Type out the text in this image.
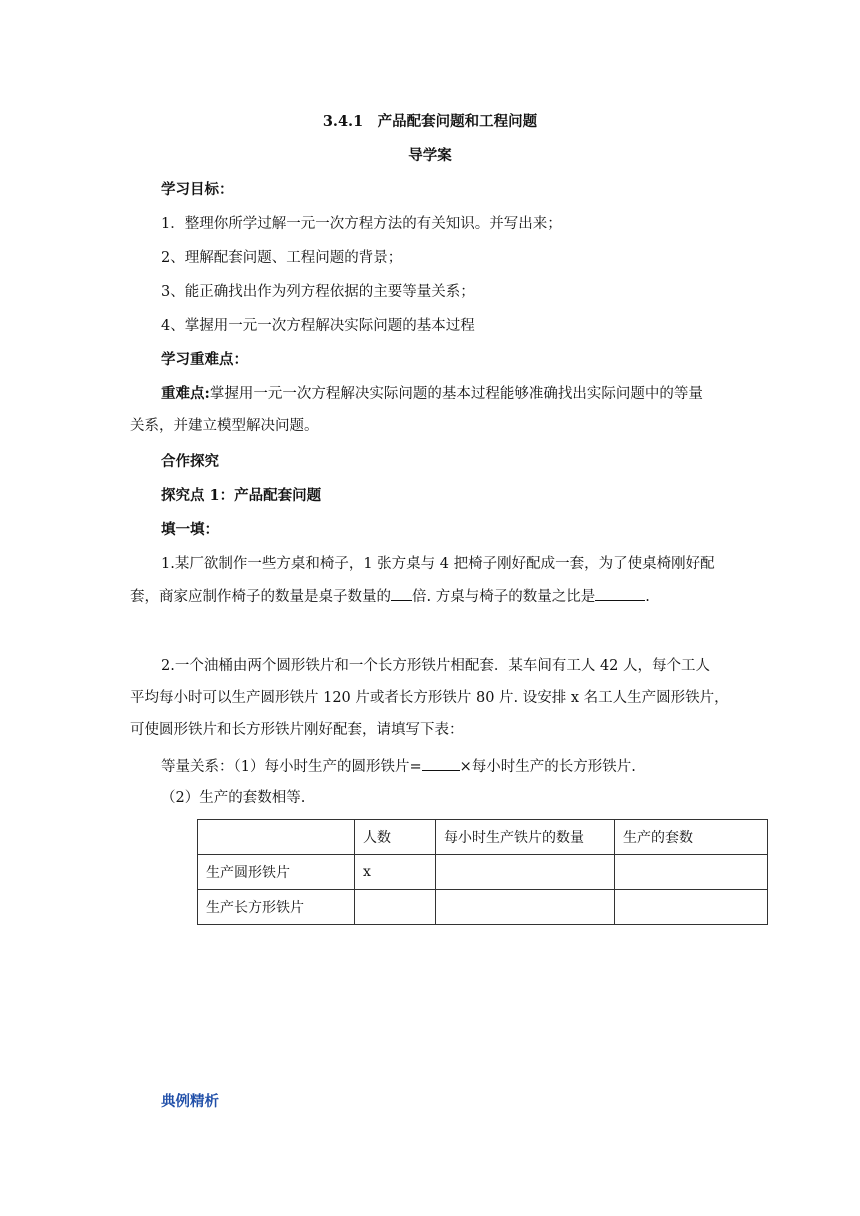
3.4.1　产品配套问题和工程问题
导学案
学习目标：
1．整理你所学过解一元一次方程方法的有关知识。并写出来；
2、理解配套问题、工程问题的背景；
3、能正确找出作为列方程依据的主要等量关系；
4、掌握用一元一次方程解决实际问题的基本过程
学习重难点：
重难点:掌握用一元一次方程解决实际问题的基本过程能够准确找出实际问题中的等量
关系，并建立模型解决问题。
合作探究
探究点 1：产品配套问题
填一填：
1.某厂欲制作一些方桌和椅子，1 张方桌与 4 把椅子刚好配成一套，为了使桌椅刚好配
套，商家应制作椅子的数量是桌子数量的 倍. 方桌与椅子的数量之比是	.
2.一个油桶由两个圆形铁片和一个长方形铁片相配套．某车间有工人 42 人，每个工人
平均每小时可以生产圆形铁片 120 片或者长方形铁片 80 片. 设安排 x 名工人生产圆形铁片，
可使圆形铁片和长方形铁片刚好配套，请填写下表：
等量关系：（1）每小时生产的圆形铁片=	×每小时生产的长方形铁片.
（2）生产的套数相等.
	人数	每小时生产铁片的数量	生产的套数
生产圆形铁片	x		
生产长方形铁片			
典例精析
